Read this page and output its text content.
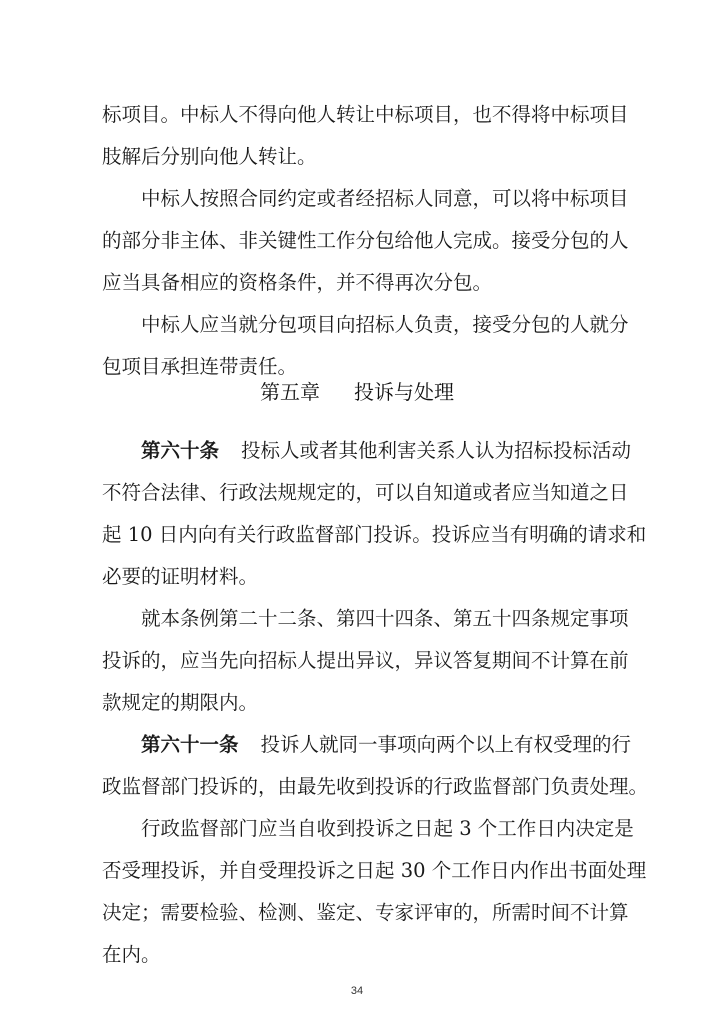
标项目。中标人不得向他人转让中标项目，也不得将中标项目
肢解后分别向他人转让。
中标人按照合同约定或者经招标人同意，可以将中标项目
的部分非主体、非关键性工作分包给他人完成。接受分包的人
应当具备相应的资格条件，并不得再次分包。
中标人应当就分包项目向招标人负责，接受分包的人就分
包项目承担连带责任。
第五章 投诉与处理
第六十条 投标人或者其他利害关系人认为招标投标活动
不符合法律、行政法规规定的，可以自知道或者应当知道之日
起 10 日内向有关行政监督部门投诉。投诉应当有明确的请求和
必要的证明材料。
就本条例第二十二条、第四十四条、第五十四条规定事项
投诉的，应当先向招标人提出异议，异议答复期间不计算在前
款规定的期限内。
第六十一条 投诉人就同一事项向两个以上有权受理的行
政监督部门投诉的，由最先收到投诉的行政监督部门负责处理。
行政监督部门应当自收到投诉之日起 3 个工作日内决定是
否受理投诉，并自受理投诉之日起 30 个工作日内作出书面处理
决定；需要检验、检测、鉴定、专家评审的，所需时间不计算
在内。
34
